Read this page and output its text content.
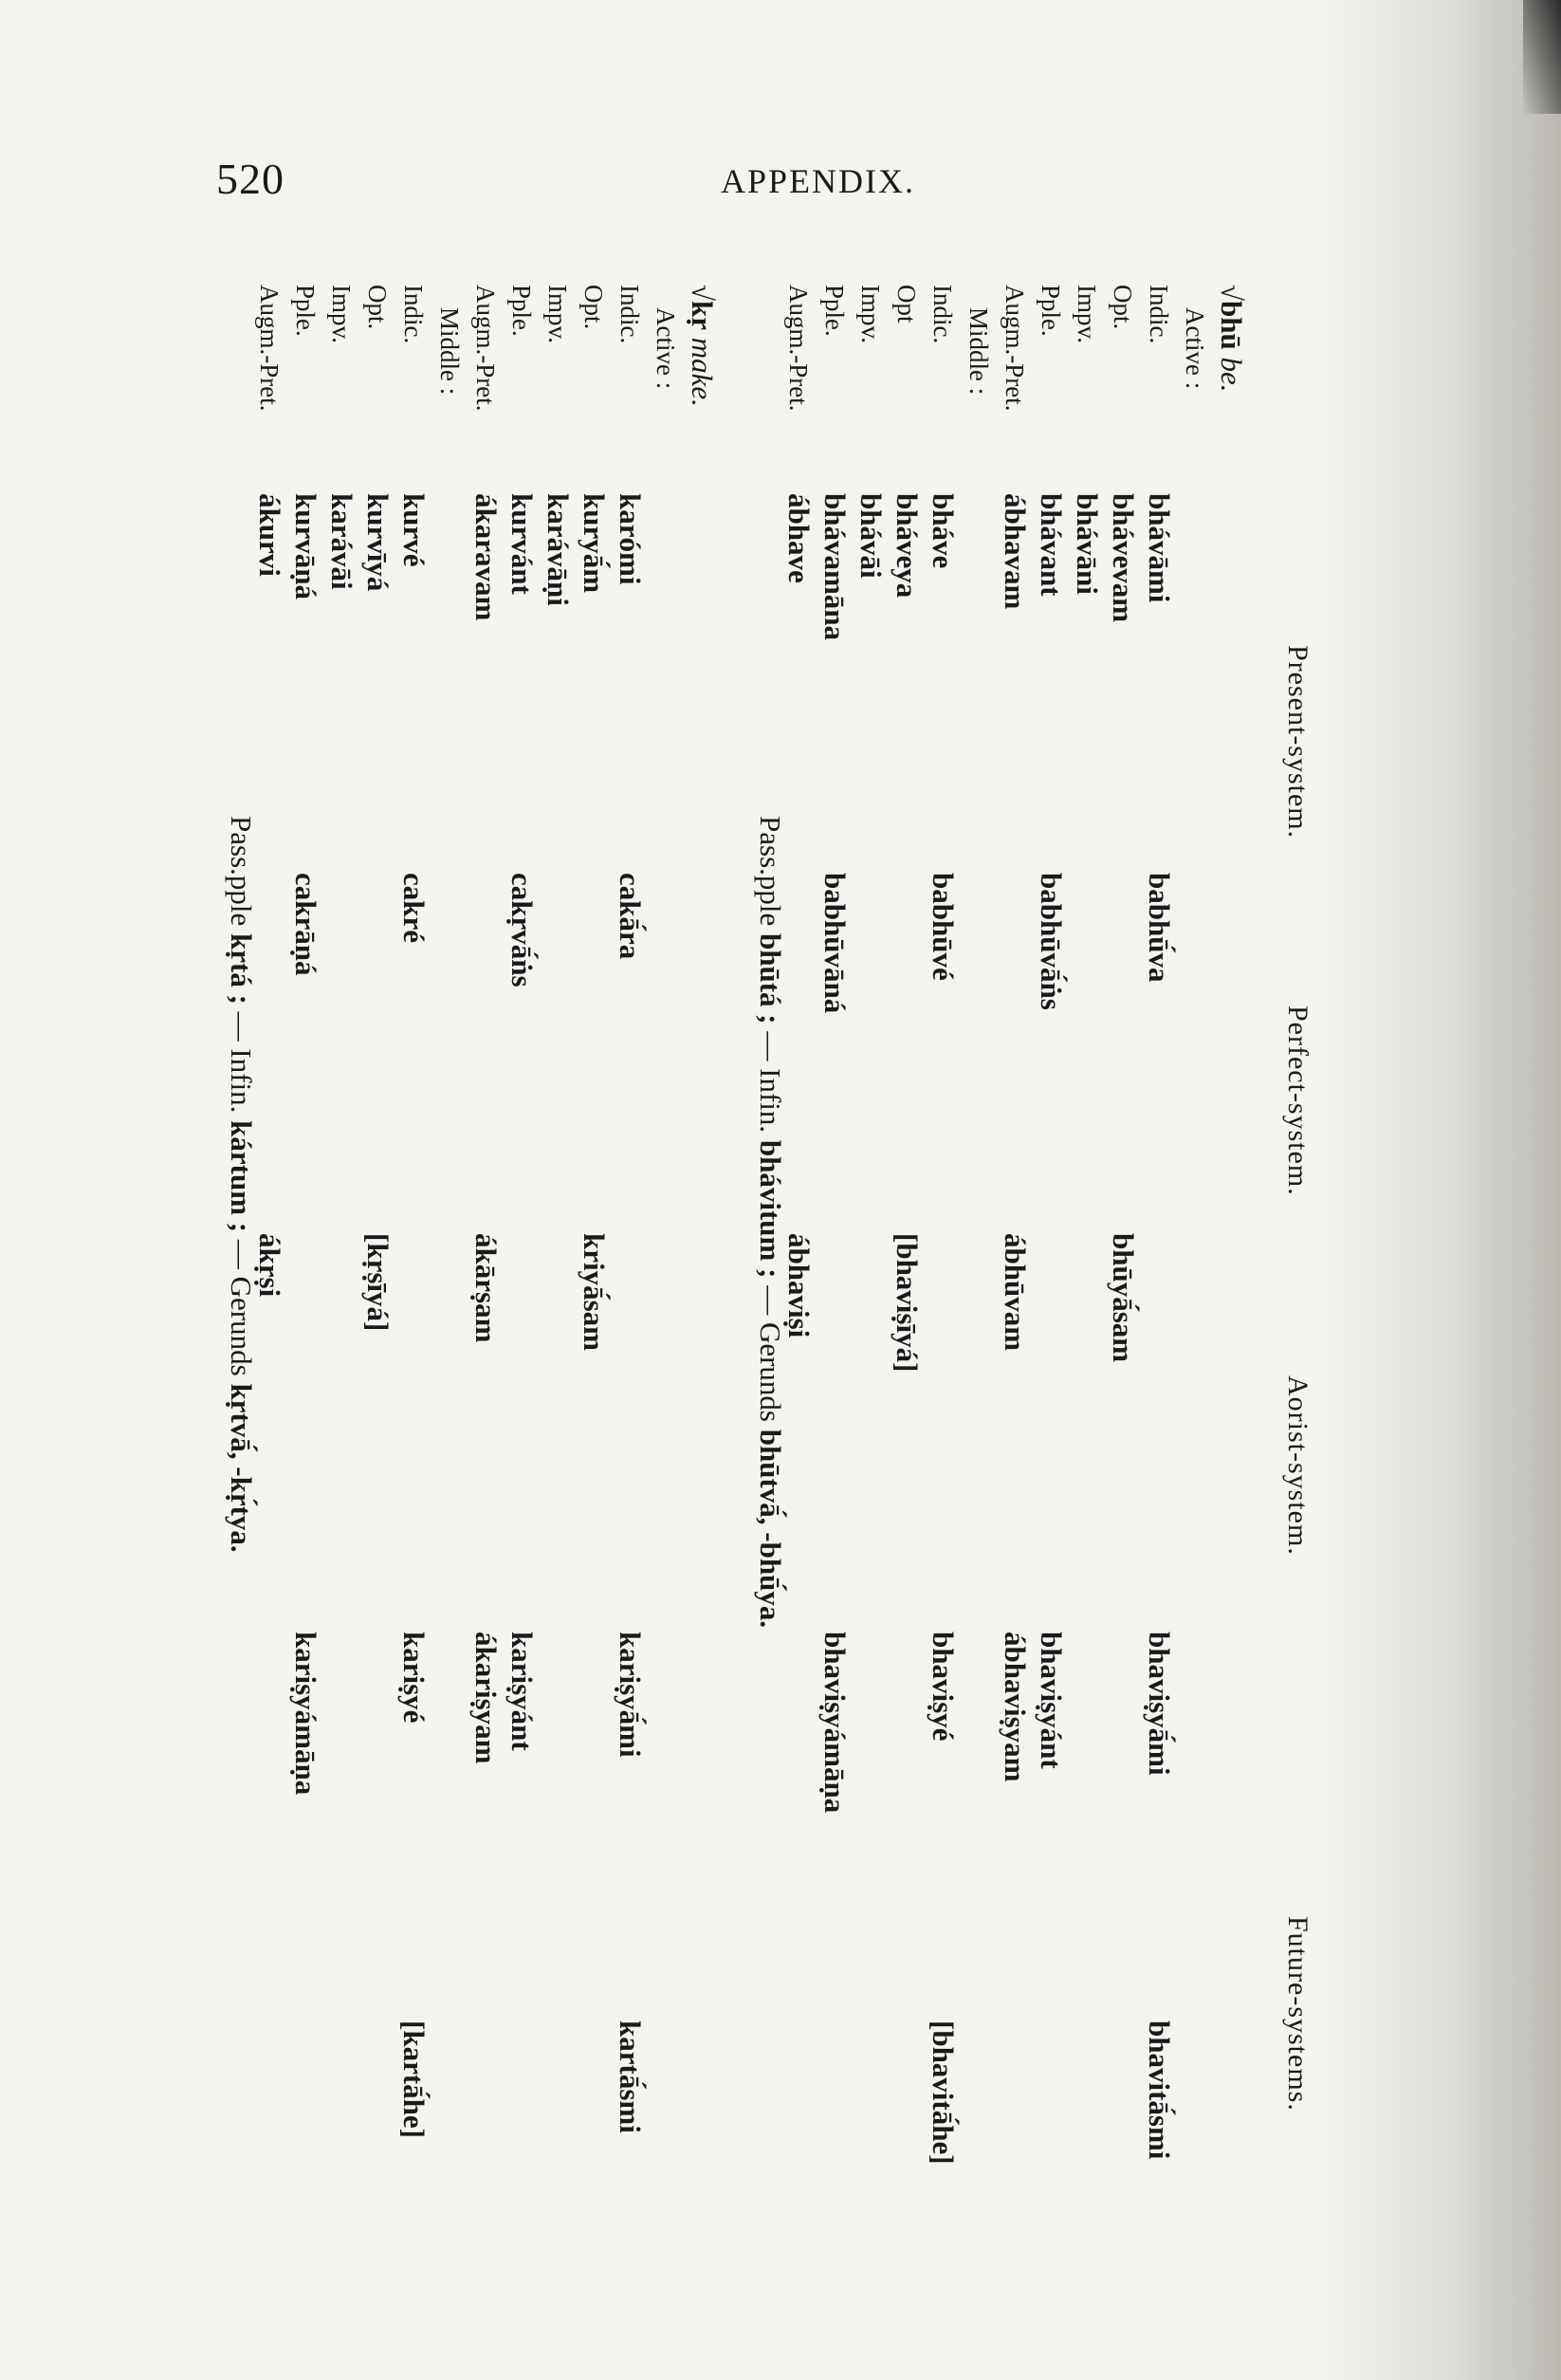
520	APPENDIX.
Present-system.
Perfect-system.
Aorist-system.
Future-systems.
√bhū be.
Active :
Indic.
bhávāmi
babhū́va
bhaviṣyā́mi
bhavitā́smi
Opt.
bhávevam
bhūyā́sam
Impv.
bhávāni
Pple.
bhávant
babhūvā́ṅs
bhaviṣyánt
Augm.-Pret.
ábhavam
ábhūvam
ábhaviṣyam
Middle :
Indic.
bháve
babhūvé
bhaviṣyé
[bhavitā́he]
Opt
bháveya
[bhaviṣīyá]
Impv.
bhávāi
Pple.
bhávamāna
babhūvāná
bhaviṣyámāṇa
Augm.-Pret.
ábhave
ábhaviṣi
Pass.pple bhūtá ; — Infin. bhávitum ; — Gerunds bhūtvā́, -bhū́ya.
√kṛ make.
Active :
Indic.
karómi
cakā́ra
kariṣyā́mi
kartā́smi
Opt.
kuryā́m
kriyā́sam
Impv.
karávāṇi
Pple.
kurvánt
cakṛvā́ṅs
kariṣyánt
Augm.-Pret.
ákaravam
ákārṣam
ákariṣyam
Middle :
Indic.
kurvé
cakré
kariṣyé
[kartā́he]
Opt.
kurvīyá
[kṛṣīyá]
Impv.
karávāi
Pple.
kurvāṇá
cakrāṇá
kariṣyámāṇa
Augm.-Pret.
ákurvi
ákṛṣi
Pass.pple kṛtá ; — Infin. kártum ; — Gerunds kṛtvā́, -kṛ́tya.
